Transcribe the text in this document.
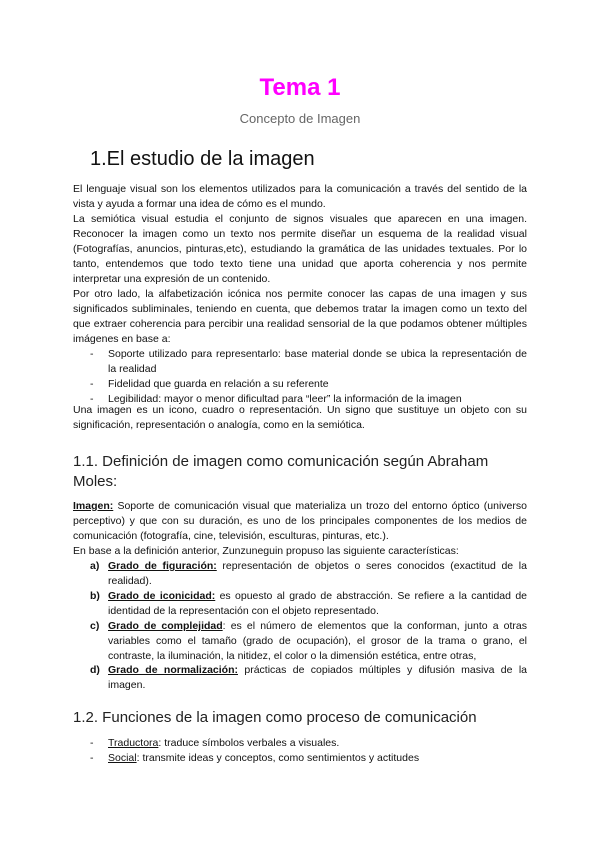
Tema 1
Concepto de Imagen
1.El estudio de la imagen
El lenguaje visual son los elementos utilizados para la comunicación a través del sentido de la vista y ayuda a formar una idea de cómo es el mundo.
La semiótica visual estudia el conjunto de signos visuales que aparecen en una imagen. Reconocer la imagen como un texto nos permite diseñar un esquema de la realidad visual (Fotografías, anuncios, pinturas,etc), estudiando la gramática de las unidades textuales. Por lo tanto, entendemos que todo texto tiene una unidad que aporta coherencia y nos permite interpretar una expresión de un contenido.
Por otro lado, la alfabetización icónica nos permite conocer las capas de una imagen y sus significados subliminales, teniendo en cuenta, que debemos tratar la imagen como un texto del que extraer coherencia para percibir una realidad sensorial de la que podamos obtener múltiples imágenes en base a:
- Soporte utilizado para representarlo: base material donde se ubica la representación de la realidad
- Fidelidad que guarda en relación a su referente
- Legibilidad: mayor o menor dificultad para “leer” la información de la imagen
Una imagen es un icono, cuadro o representación. Un signo que sustituye un objeto con su significación, representación o analogía, como en la semiótica.
1.1. Definición de imagen como comunicación según Abraham Moles:
Imagen: Soporte de comunicación visual que materializa un trozo del entorno óptico (universo perceptivo) y que con su duración, es uno de los principales componentes de los medios de comunicación (fotografía, cine, televisión, esculturas, pinturas, etc.).
En base a la definición anterior, Zunzuneguin propuso las siguiente características:
a) Grado de figuración: representación de objetos o seres conocidos (exactitud de la realidad).
b) Grado de iconicidad: es opuesto al grado de abstracción. Se refiere a la cantidad de identidad de la representación con el objeto representado.
c) Grado de complejidad: es el número de elementos que la conforman, junto a otras variables como el tamaño (grado de ocupación), el grosor de la trama o grano, el contraste, la iluminación, la nitidez, el color o la dimensión estética, entre otras,
d) Grado de normalización: prácticas de copiados múltiples y difusión masiva de la imagen.
1.2. Funciones de la imagen como proceso de comunicación
- Traductora: traduce símbolos verbales a visuales.
- Social: transmite ideas y conceptos, como sentimientos y actitudes
